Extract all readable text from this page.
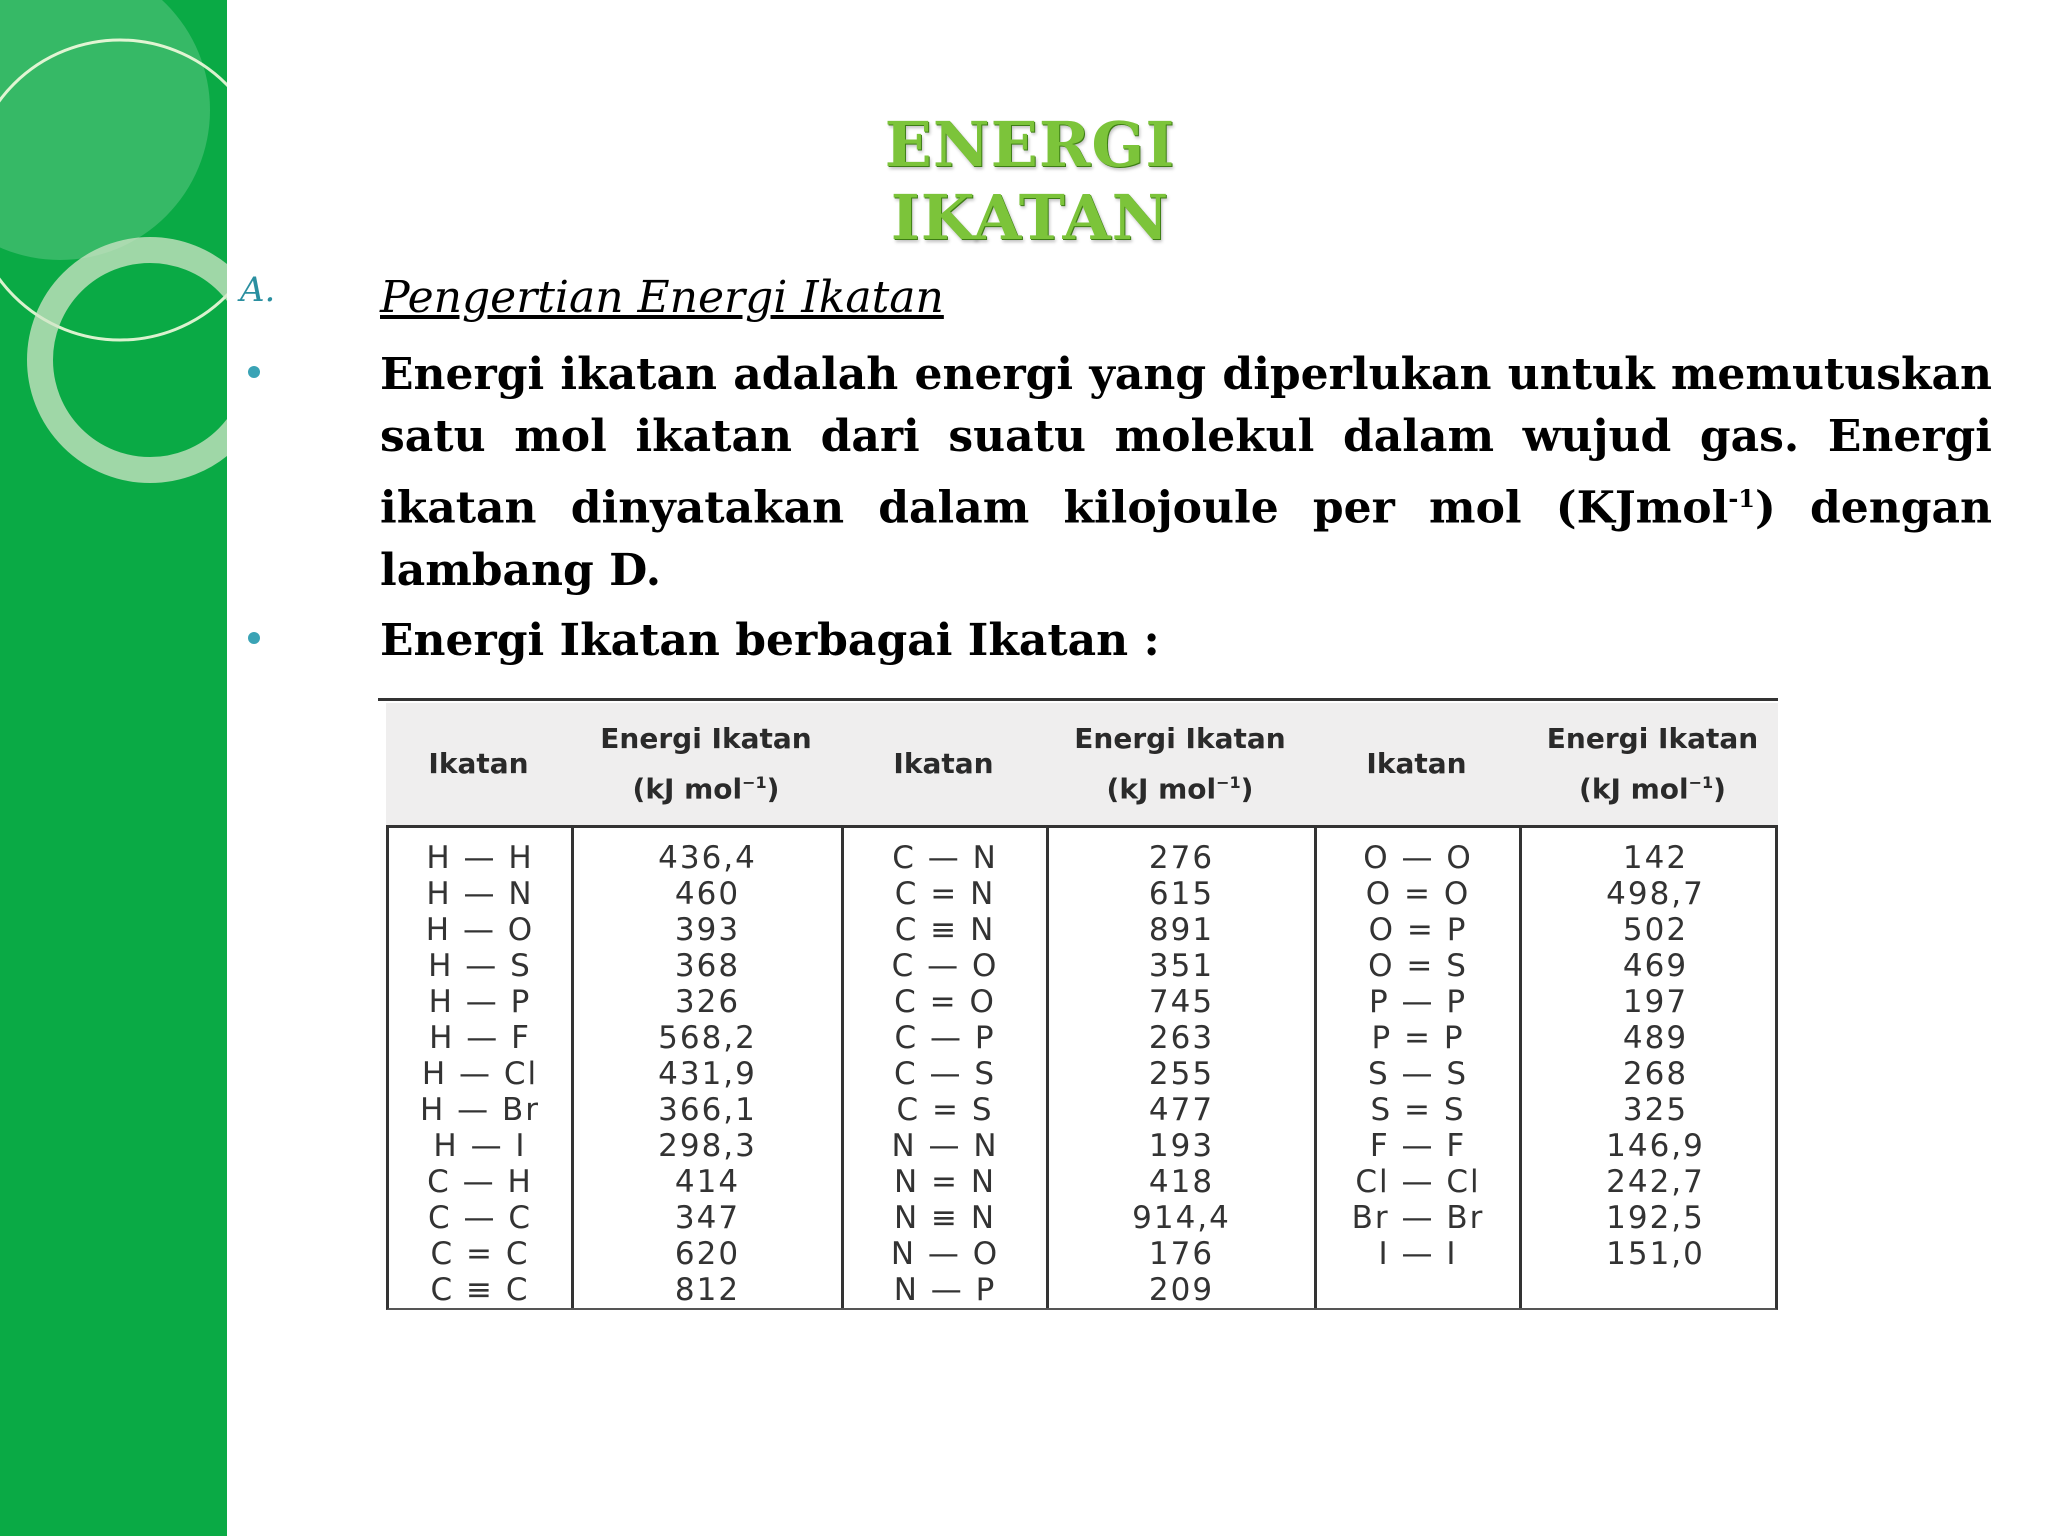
ENERGI IKATAN
A. Pengertian Energi Ikatan
Energi ikatan adalah energi yang diperlukan untuk memutuskan satu mol ikatan dari suatu molekul dalam wujud gas. Energi ikatan dinyatakan dalam kilojoule per mol (KJmol$^{-1}$) dengan lambang D.
Energi Ikatan berbagai Ikatan :
Ikatan
Energi Ikatan
(kJ mol$^{-1}$)
Ikatan
Energi Ikatan
(kJ mol$^{-1}$)
Ikatan
Energi Ikatan
(kJ mol$^{-1}$)
H — H
H — N
H — O
H — S
H — P
H — F
H — Cl
H — Br
H — I
C — H
C — C
C = C
C ≡ C
436,4
460
393
368
326
568,2
431,9
366,1
298,3
414
347
620
812
C — N
C = N
C ≡ N
C — O
C = O
C — P
C — S
C = S
N — N
N = N
N ≡ N
N — O
N — P
276
615
891
351
745
263
255
477
193
418
914,4
176
209
O — O
O = O
O = P
O = S
P — P
P = P
S — S
S = S
F — F
Cl — Cl
Br — Br
I — I
142
498,7
502
469
197
489
268
325
146,9
242,7
192,5
151,0
